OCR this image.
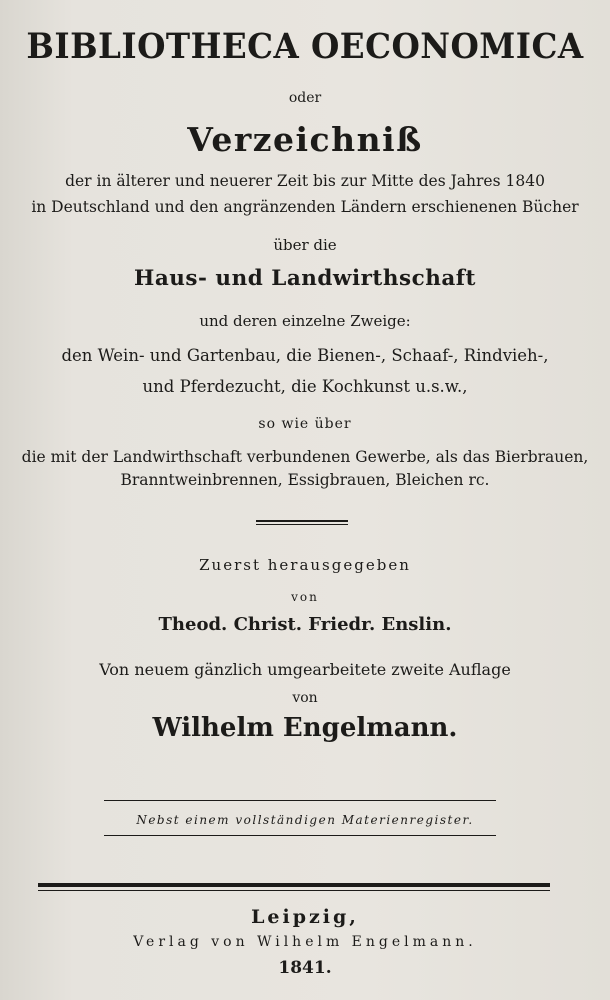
BIBLIOTHECA OECONOMICA
oder
Verzeichniß
der in älterer und neuerer Zeit bis zur Mitte des Jahres 1840
in Deutschland und den angränzenden Ländern erschienenen Bücher
über die
Haus- und Landwirthschaft
und deren einzelne Zweige:
den Wein- und Gartenbau, die Bienen-, Schaaf-, Rindvieh-,
und Pferdezucht, die Kochkunst u.s.w.,
so wie über
die mit der Landwirthschaft verbundenen Gewerbe, als das Bierbrauen,
Branntweinbrennen, Essigbrauen, Bleichen rc.
Zuerst herausgegeben
von
Theod. Christ. Friedr. Enslin.
Von neuem gänzlich umgearbeitete zweite Auflage
von
Wilhelm Engelmann.
Nebst einem vollständigen Materienregister.
Leipzig,
Verlag von Wilhelm Engelmann.
1841.
